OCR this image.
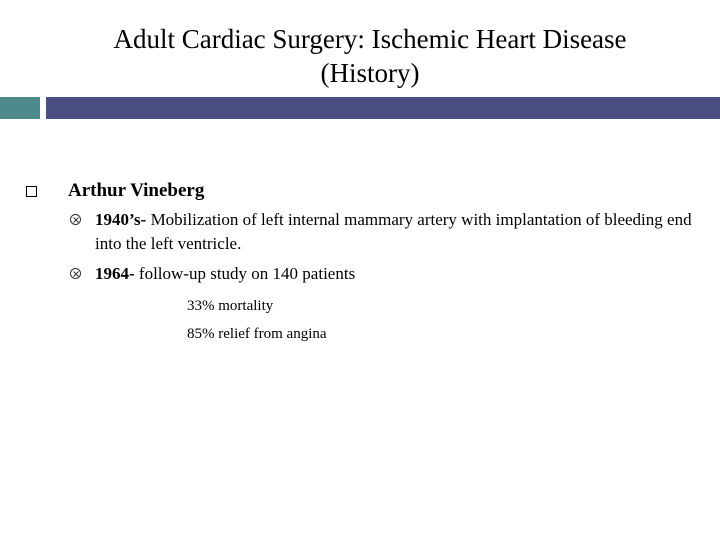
Adult Cardiac Surgery: Ischemic Heart Disease
(History)
Arthur Vineberg
1940’s- Mobilization of left internal mammary artery with implantation of bleeding end into the left ventricle.
1964- follow-up study on 140 patients
33% mortality
85% relief from angina
